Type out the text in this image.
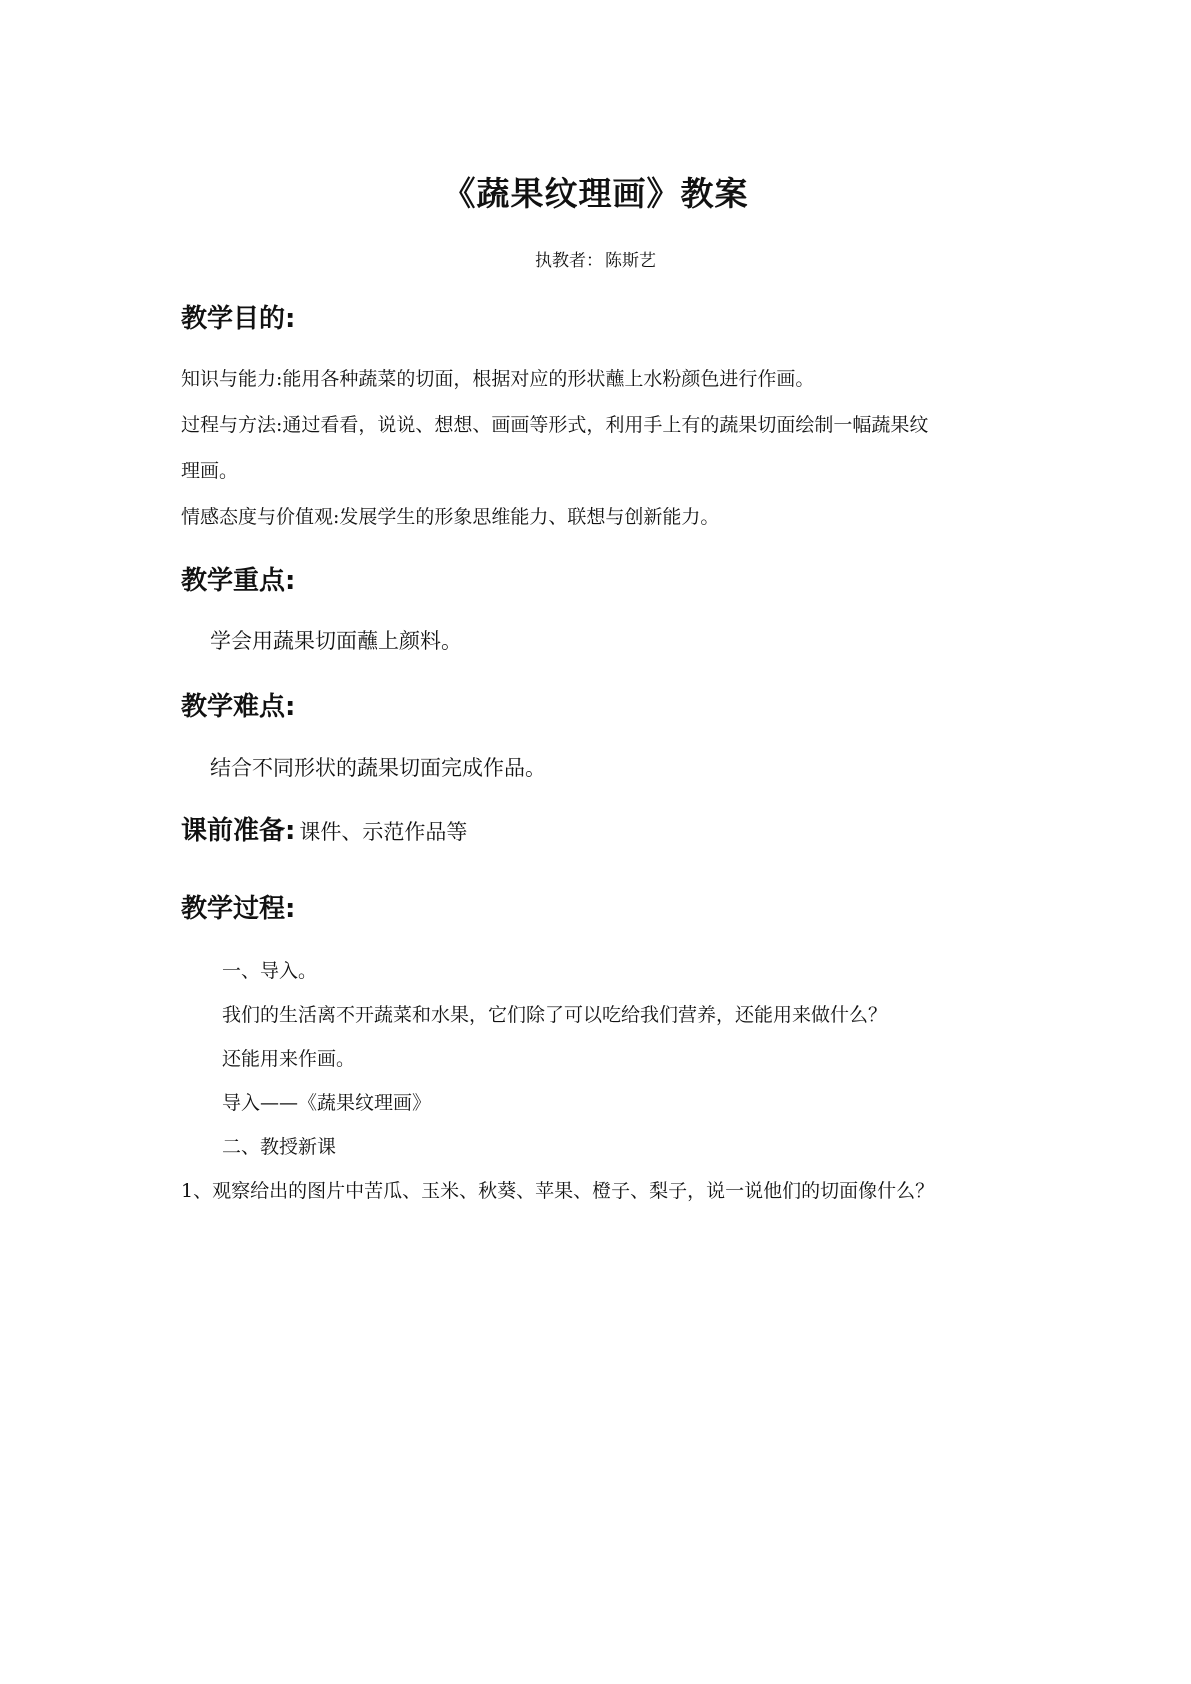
《蔬果纹理画》教案
执教者： 陈斯艺
教学目的:
知识与能力:能用各种蔬菜的切面，根据对应的形状蘸上水粉颜色进行作画。
过程与方法:通过看看，说说、想想、画画等形式，利用手上有的蔬果切面绘制一幅蔬果纹
理画。
情感态度与价值观:发展学生的形象思维能力、联想与创新能力。
教学重点:
学会用蔬果切面蘸上颜料。
教学难点:
结合不同形状的蔬果切面完成作品。
课前准备: 课件、示范作品等
教学过程:
一、导入。
我们的生活离不开蔬菜和水果，它们除了可以吃给我们营养，还能用来做什么？
还能用来作画。
导入——《蔬果纹理画》
二、教授新课
1、观察给出的图片中苦瓜、玉米、秋葵、苹果、橙子、梨子，说一说他们的切面像什么？
